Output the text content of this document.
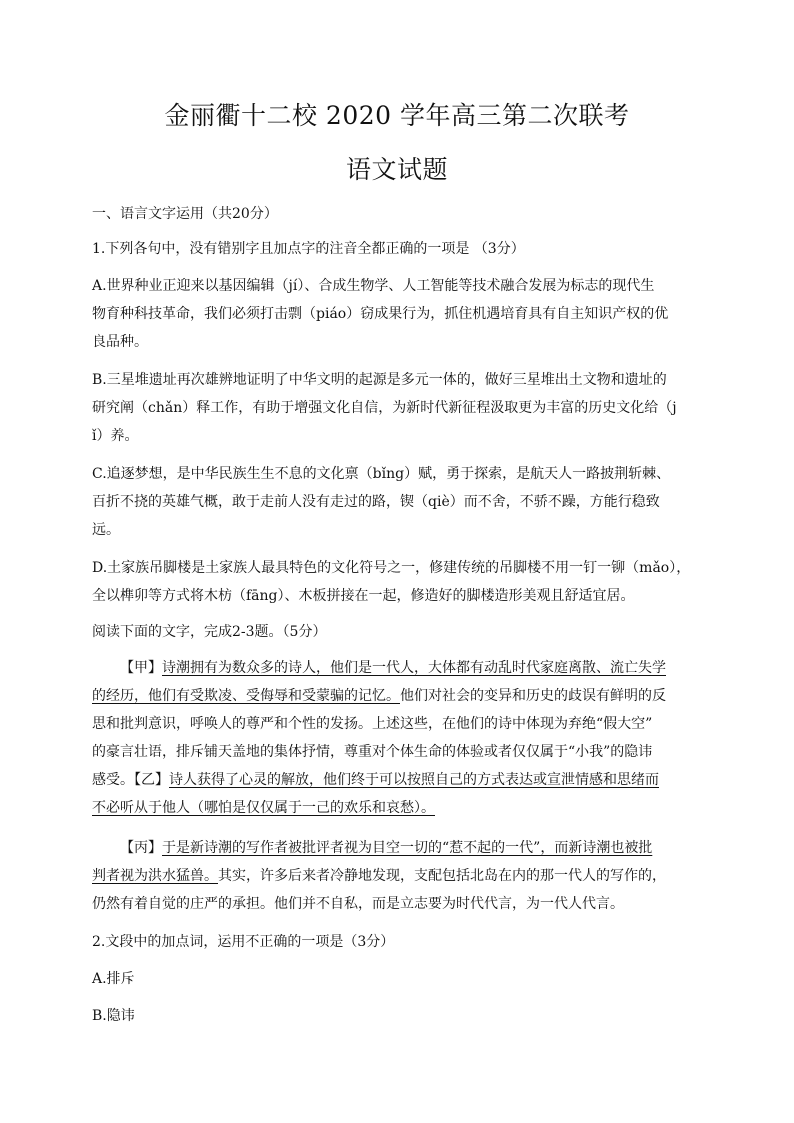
金丽衢十二校 2020 学年高三第二次联考
语文试题

一、语言文字运用（共20分）

1.下列各句中，没有错别字且加点字的注音全都正确的一项是 （3分）

A.世界种业正迎来以基因编辑（jí）、合成生物学、人工智能等技术融合发展为标志的现代生

物育种科技革命，我们必须打击剽（piáo）窃成果行为，抓住机遇培育具有自主知识产权的优

良品种。

B.三星堆遗址再次雄辨地证明了中华文明的起源是多元一体的，做好三星堆出土文物和遗址的

研究阐（chǎn）释工作，有助于增强文化自信，为新时代新征程汲取更为丰富的历史文化给（j

ǐ）养。

C.追逐梦想，是中华民族生生不息的文化禀（bǐng）赋，勇于探索，是航天人一路披荆斩棘、

百折不挠的英雄气概，敢于走前人没有走过的路，锲（qiè）而不舍，不骄不躁，方能行稳致

远。

D.土家族吊脚楼是土家族人最具特色的文化符号之一，修建传统的吊脚楼不用一钉一铆（mǎo），

全以榫卯等方式将木枋（fāng）、木板拼接在一起，修造好的脚楼造形美观且舒适宜居。

阅读下面的文字，完成2-3题。（5分）

【甲】诗潮拥有为数众多的诗人，他们是一代人，大体都有动乱时代家庭离散、流亡失学

的经历，他们有受欺凌、受侮辱和受蒙骗的记忆。他们对社会的变异和历史的歧误有鲜明的反

思和批判意识，呼唤人的尊严和个性的发扬。上述这些，在他们的诗中体现为弃绝“假大空”

的豪言壮语，排斥铺天盖地的集体抒情，尊重对个体生命的体验或者仅仅属于“小我”的隐讳

感受。【乙】诗人获得了心灵的解放，他们终于可以按照自己的方式表达或宣泄情感和思绪而

不必听从于他人（哪怕是仅仅属于一己的欢乐和哀愁）。

【丙】于是新诗潮的写作者被批评者视为目空一切的“惹不起的一代”，而新诗潮也被批

判者视为洪水猛兽。其实，许多后来者冷静地发现，支配包括北岛在内的那一代人的写作的，

仍然有着自觉的庄严的承担。他们并不自私，而是立志要为时代代言，为一代人代言。

2.文段中的加点词，运用不正确的一项是（3分）

A.排斥

B.隐讳
